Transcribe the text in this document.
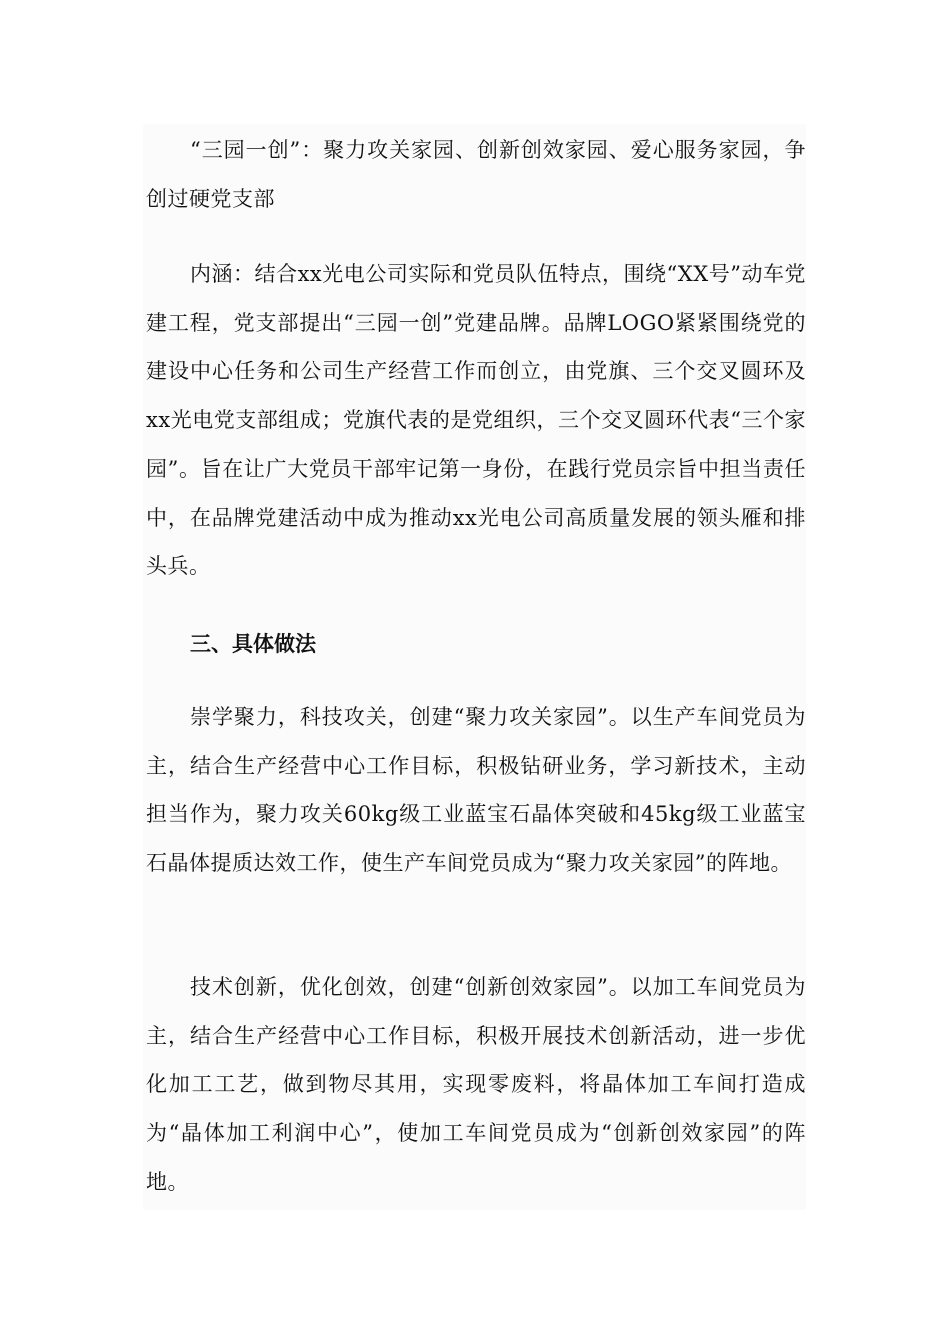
“三园一创”：聚力攻关家园、创新创效家园、爱心服务家园，争创过硬党支部

内涵：结合xx光电公司实际和党员队伍特点，围绕“XX号”动车党建工程，党支部提出“三园一创”党建品牌。品牌LOGO紧紧围绕党的建设中心任务和公司生产经营工作而创立，由党旗、三个交叉圆环及xx光电党支部组成；党旗代表的是党组织，三个交叉圆环代表“三个家园”。旨在让广大党员干部牢记第一身份，在践行党员宗旨中担当责任中，在品牌党建活动中成为推动xx光电公司高质量发展的领头雁和排头兵。

三、具体做法

崇学聚力，科技攻关，创建“聚力攻关家园”。以生产车间党员为主，结合生产经营中心工作目标，积极钻研业务，学习新技术，主动担当作为，聚力攻关60kg级工业蓝宝石晶体突破和45kg级工业蓝宝石晶体提质达效工作，使生产车间党员成为“聚力攻关家园”的阵地。

技术创新，优化创效，创建“创新创效家园”。以加工车间党员为主，结合生产经营中心工作目标，积极开展技术创新活动，进一步优化加工工艺，做到物尽其用，实现零废料，将晶体加工车间打造成为“晶体加工利润中心”，使加工车间党员成为“创新创效家园”的阵地。
